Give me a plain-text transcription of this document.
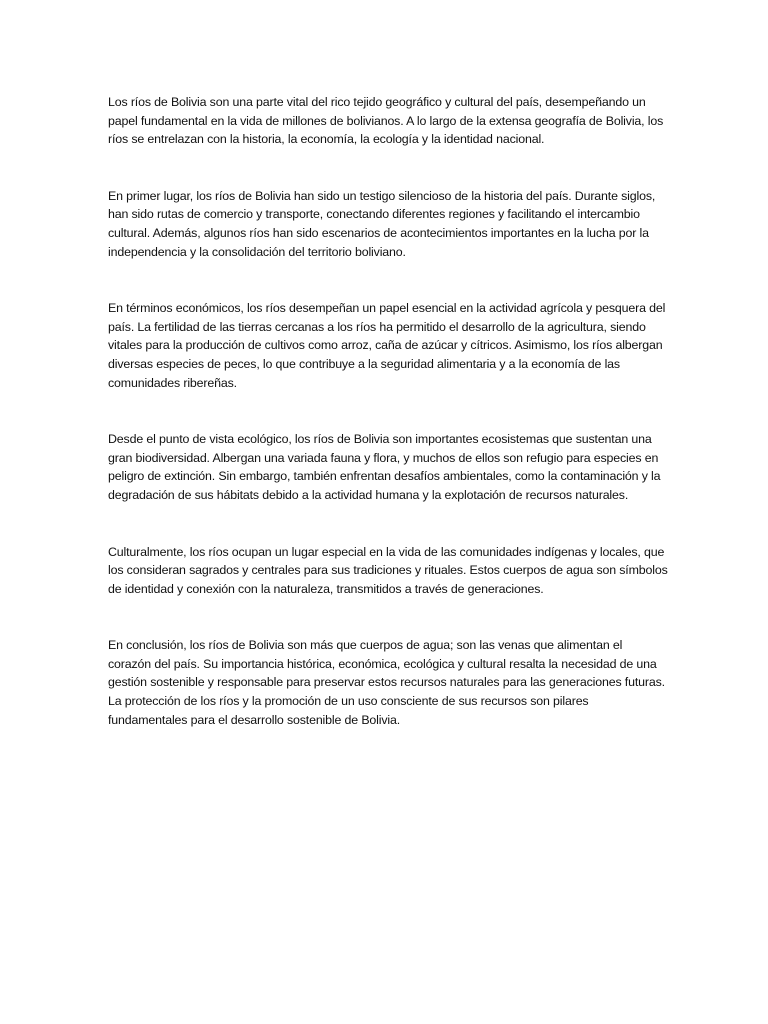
Los ríos de Bolivia son una parte vital del rico tejido geográfico y cultural del país, desempeñando un papel fundamental en la vida de millones de bolivianos. A lo largo de la extensa geografía de Bolivia, los ríos se entrelazan con la historia, la economía, la ecología y la identidad nacional.

En primer lugar, los ríos de Bolivia han sido un testigo silencioso de la historia del país. Durante siglos, han sido rutas de comercio y transporte, conectando diferentes regiones y facilitando el intercambio cultural. Además, algunos ríos han sido escenarios de acontecimientos importantes en la lucha por la independencia y la consolidación del territorio boliviano.

En términos económicos, los ríos desempeñan un papel esencial en la actividad agrícola y pesquera del país. La fertilidad de las tierras cercanas a los ríos ha permitido el desarrollo de la agricultura, siendo vitales para la producción de cultivos como arroz, caña de azúcar y cítricos. Asimismo, los ríos albergan diversas especies de peces, lo que contribuye a la seguridad alimentaria y a la economía de las comunidades ribereñas.

Desde el punto de vista ecológico, los ríos de Bolivia son importantes ecosistemas que sustentan una gran biodiversidad. Albergan una variada fauna y flora, y muchos de ellos son refugio para especies en peligro de extinción. Sin embargo, también enfrentan desafíos ambientales, como la contaminación y la degradación de sus hábitats debido a la actividad humana y la explotación de recursos naturales.

Culturalmente, los ríos ocupan un lugar especial en la vida de las comunidades indígenas y locales, que los consideran sagrados y centrales para sus tradiciones y rituales. Estos cuerpos de agua son símbolos de identidad y conexión con la naturaleza, transmitidos a través de generaciones.

En conclusión, los ríos de Bolivia son más que cuerpos de agua; son las venas que alimentan el corazón del país. Su importancia histórica, económica, ecológica y cultural resalta la necesidad de una gestión sostenible y responsable para preservar estos recursos naturales para las generaciones futuras. La protección de los ríos y la promoción de un uso consciente de sus recursos son pilares fundamentales para el desarrollo sostenible de Bolivia.
